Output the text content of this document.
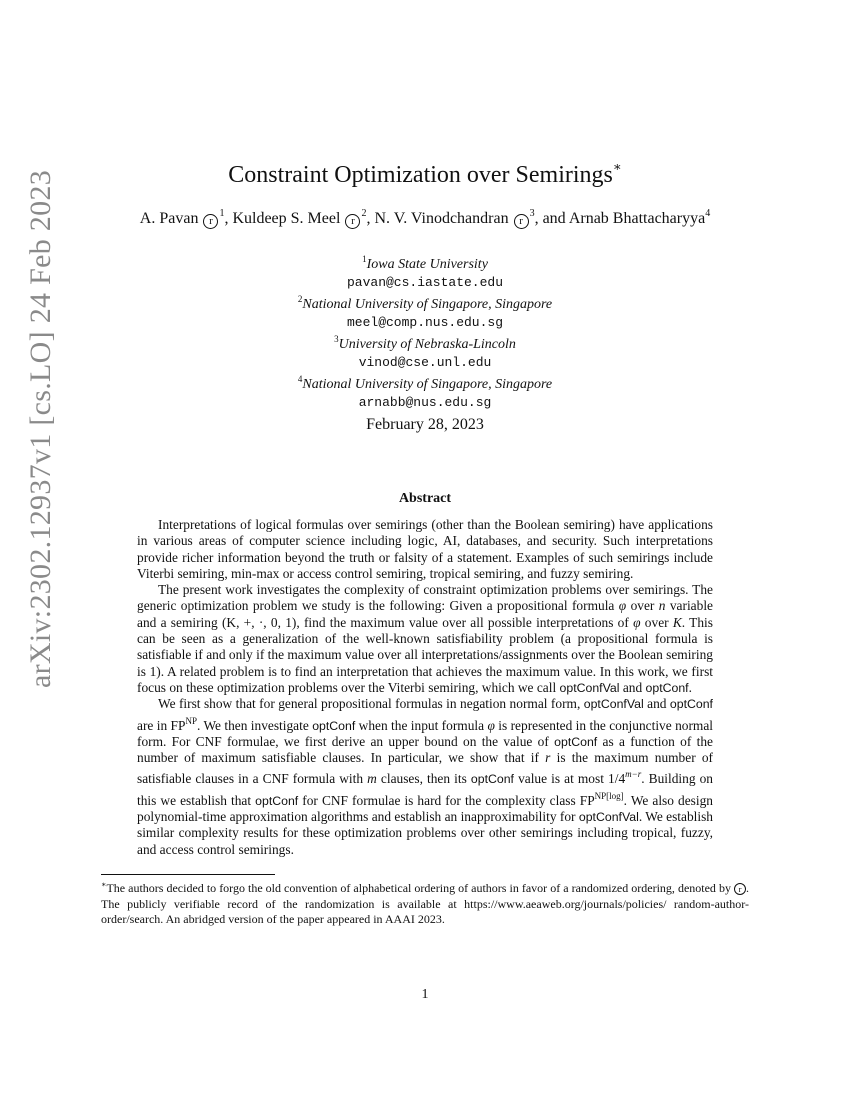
arXiv:2302.12937v1 [cs.LO] 24 Feb 2023	Constraint Optimization over Semirings∗
A. Pavan $r^1$, Kuldeep S. Meel $r^2$, N. V. Vinodchandran $r^3$, and Arnab Bhattacharyya$^4$
$^1$Iowa State University
pavan@cs.iastate.edu
$^2$National University of Singapore, Singapore
meel@comp.nus.edu.sg
$^3$University of Nebraska-Lincoln
vinod@cse.unl.edu
$^4$National University of Singapore, Singapore
arnabb@nus.edu.sg
February 28, 2023
Abstract

Interpretations of logical formulas over semirings (other than the Boolean semiring) have applications in various areas of computer science including logic, AI, databases, and security. Such interpretations provide richer information beyond the truth or falsity of a statement. Examples of such semirings include Viterbi semiring, min-max or access control semiring, tropical semiring, and fuzzy semiring.

The present work investigates the complexity of constraint optimization problems over semirings. The generic optimization problem we study is the following: Given a propositional formula φ over n variable and a semiring (K, +, ·, 0, 1), find the maximum value over all possible interpretations of φ over K. This can be seen as a generalization of the well-known satisfiability problem (a propositional formula is satisfiable if and only if the maximum value over all interpretations/assignments over the Boolean semiring is 1). A related problem is to find an interpretation that achieves the maximum value. In this work, we first focus on these optimization problems over the Viterbi semiring, which we call optConfVal and optConf.

We first show that for general propositional formulas in negation normal form, optConfVal and optConf are in $FP^{NP}$. We then investigate optConf when the input formula φ is represented in the conjunctive normal form. For CNF formulae, we first derive an upper bound on the value of optConf as a function of the number of maximum satisfiable clauses. In particular, we show that if r is the maximum number of satisfiable clauses in a CNF formula with m clauses, then its optConf value is at most $1/4^{m-r}$. Building on this we establish that optConf for CNF formulae is hard for the complexity class $FP^{NP[log]}$. We also design polynomial-time approximation algorithms and establish an inapproximability for optConfVal. We establish similar complexity results for these optimization problems over other semirings including tropical, fuzzy, and access control semirings.

∗The authors decided to forgo the old convention of alphabetical ordering of authors in favor of a randomized ordering, denoted by r . The publicly verifiable record of the randomization is available at https://www.aeaweb.org/journals/policies/ random-author-order/search. An abridged version of the paper appeared in AAAI 2023.
1
